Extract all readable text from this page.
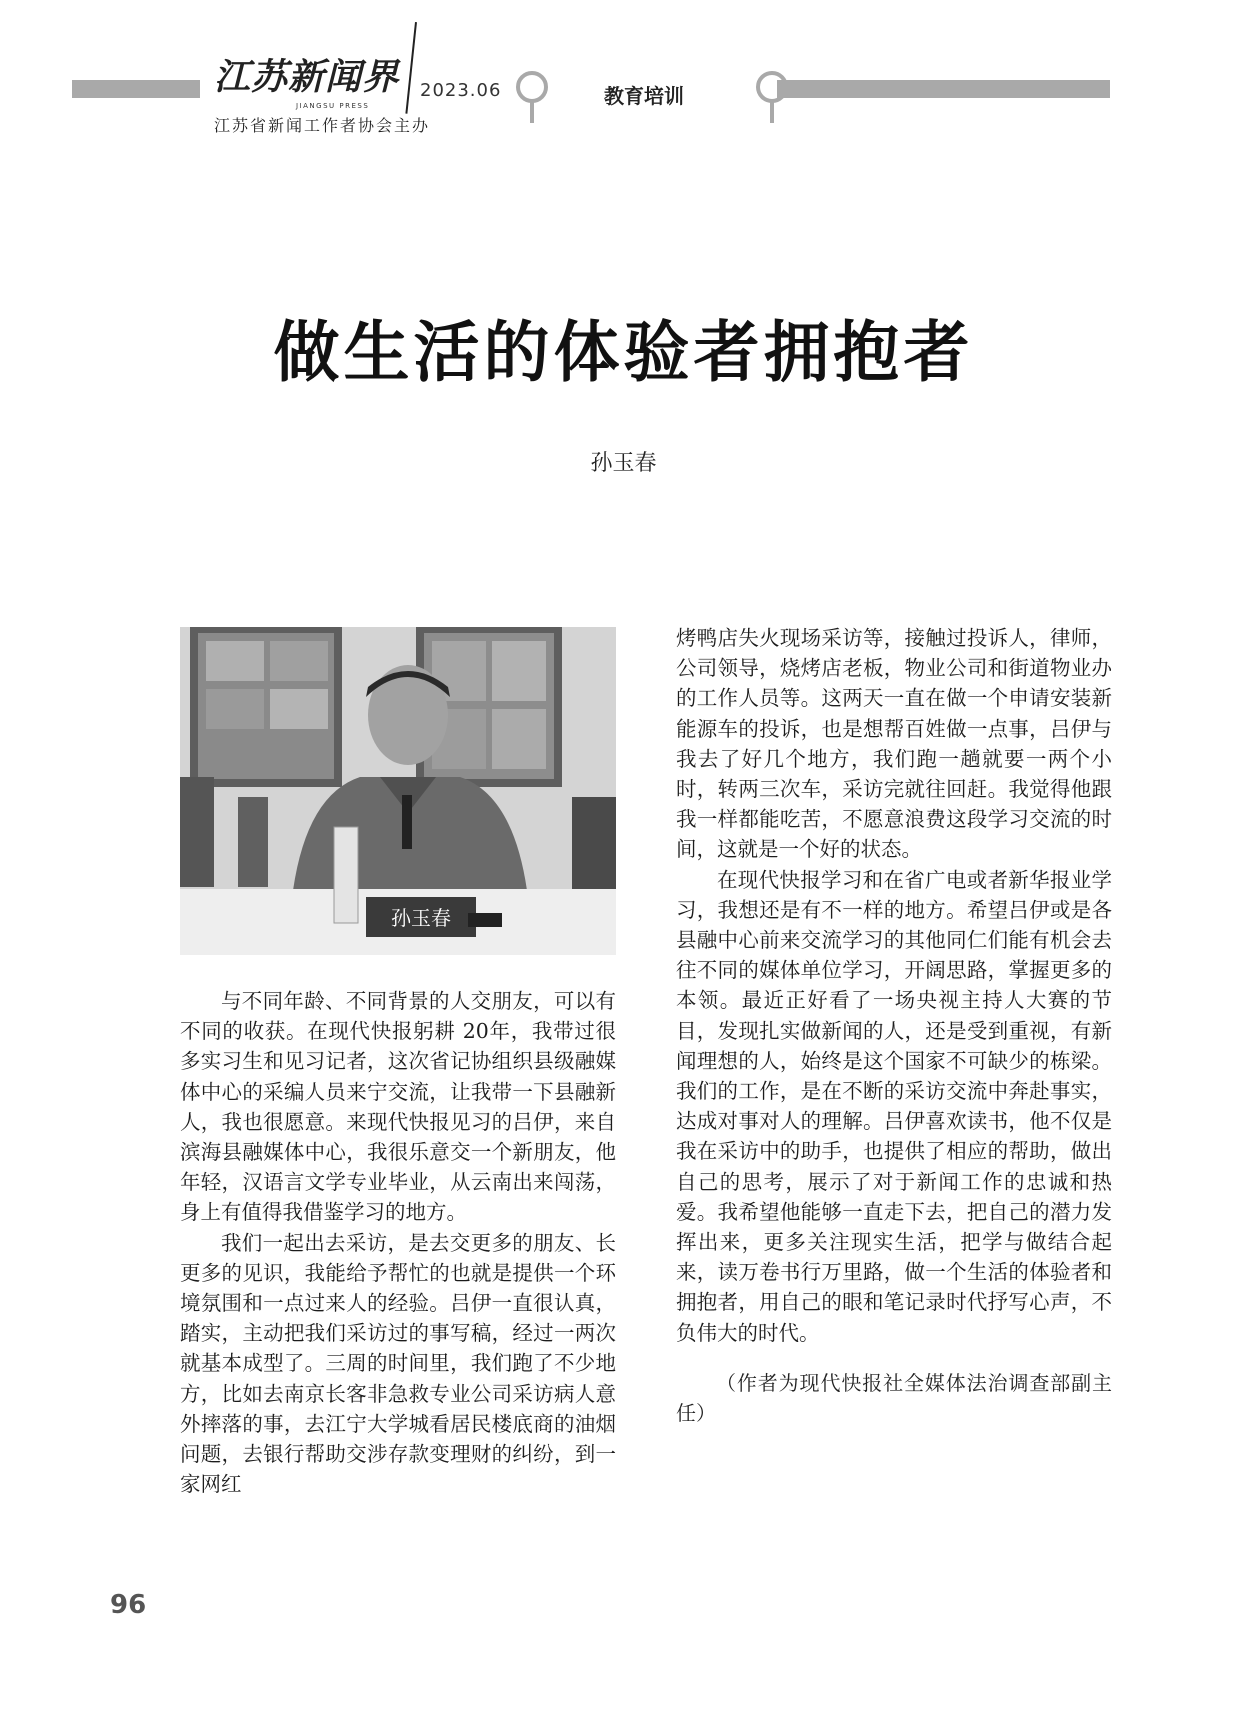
江苏新闻界
JIANGSU PRESS
2023.06
江苏省新闻工作者协会主办
教育培训
做生活的体验者拥抱者
孙玉春
孙玉春

与不同年龄、不同背景的人交朋友，可以有不同的收获。在现代快报躬耕 20年，我带过很多实习生和见习记者，这次省记协组织县级融媒体中心的采编人员来宁交流，让我带一下县融新人，我也很愿意。来现代快报见习的吕伊，来自滨海县融媒体中心，我很乐意交一个新朋友，他年轻，汉语言文学专业毕业，从云南出来闯荡，身上有值得我借鉴学习的地方。

我们一起出去采访，是去交更多的朋友、长更多的见识，我能给予帮忙的也就是提供一个环境氛围和一点过来人的经验。吕伊一直很认真，踏实，主动把我们采访过的事写稿，经过一两次就基本成型了。三周的时间里，我们跑了不少地方，比如去南京长客非急救专业公司采访病人意外摔落的事，去江宁大学城看居民楼底商的油烟问题，去银行帮助交涉存款变理财的纠纷，到一家网红

烤鸭店失火现场采访等，接触过投诉人，律师，公司领导，烧烤店老板，物业公司和街道物业办的工作人员等。这两天一直在做一个申请安装新能源车的投诉，也是想帮百姓做一点事，吕伊与我去了好几个地方，我们跑一趟就要一两个小时，转两三次车，采访完就往回赶。我觉得他跟我一样都能吃苦，不愿意浪费这段学习交流的时间，这就是一个好的状态。

在现代快报学习和在省广电或者新华报业学习，我想还是有不一样的地方。希望吕伊或是各县融中心前来交流学习的其他同仁们能有机会去往不同的媒体单位学习，开阔思路，掌握更多的本领。最近正好看了一场央视主持人大赛的节目，发现扎实做新闻的人，还是受到重视，有新闻理想的人，始终是这个国家不可缺少的栋梁。我们的工作，是在不断的采访交流中奔赴事实，达成对事对人的理解。吕伊喜欢读书，他不仅是我在采访中的助手，也提供了相应的帮助，做出自己的思考，展示了对于新闻工作的忠诚和热爱。我希望他能够一直走下去，把自己的潜力发挥出来，更多关注现实生活，把学与做结合起来，读万卷书行万里路，做一个生活的体验者和拥抱者，用自己的眼和笔记录时代抒写心声，不负伟大的时代。

（作者为现代快报社全媒体法治调查部副主任）

96
